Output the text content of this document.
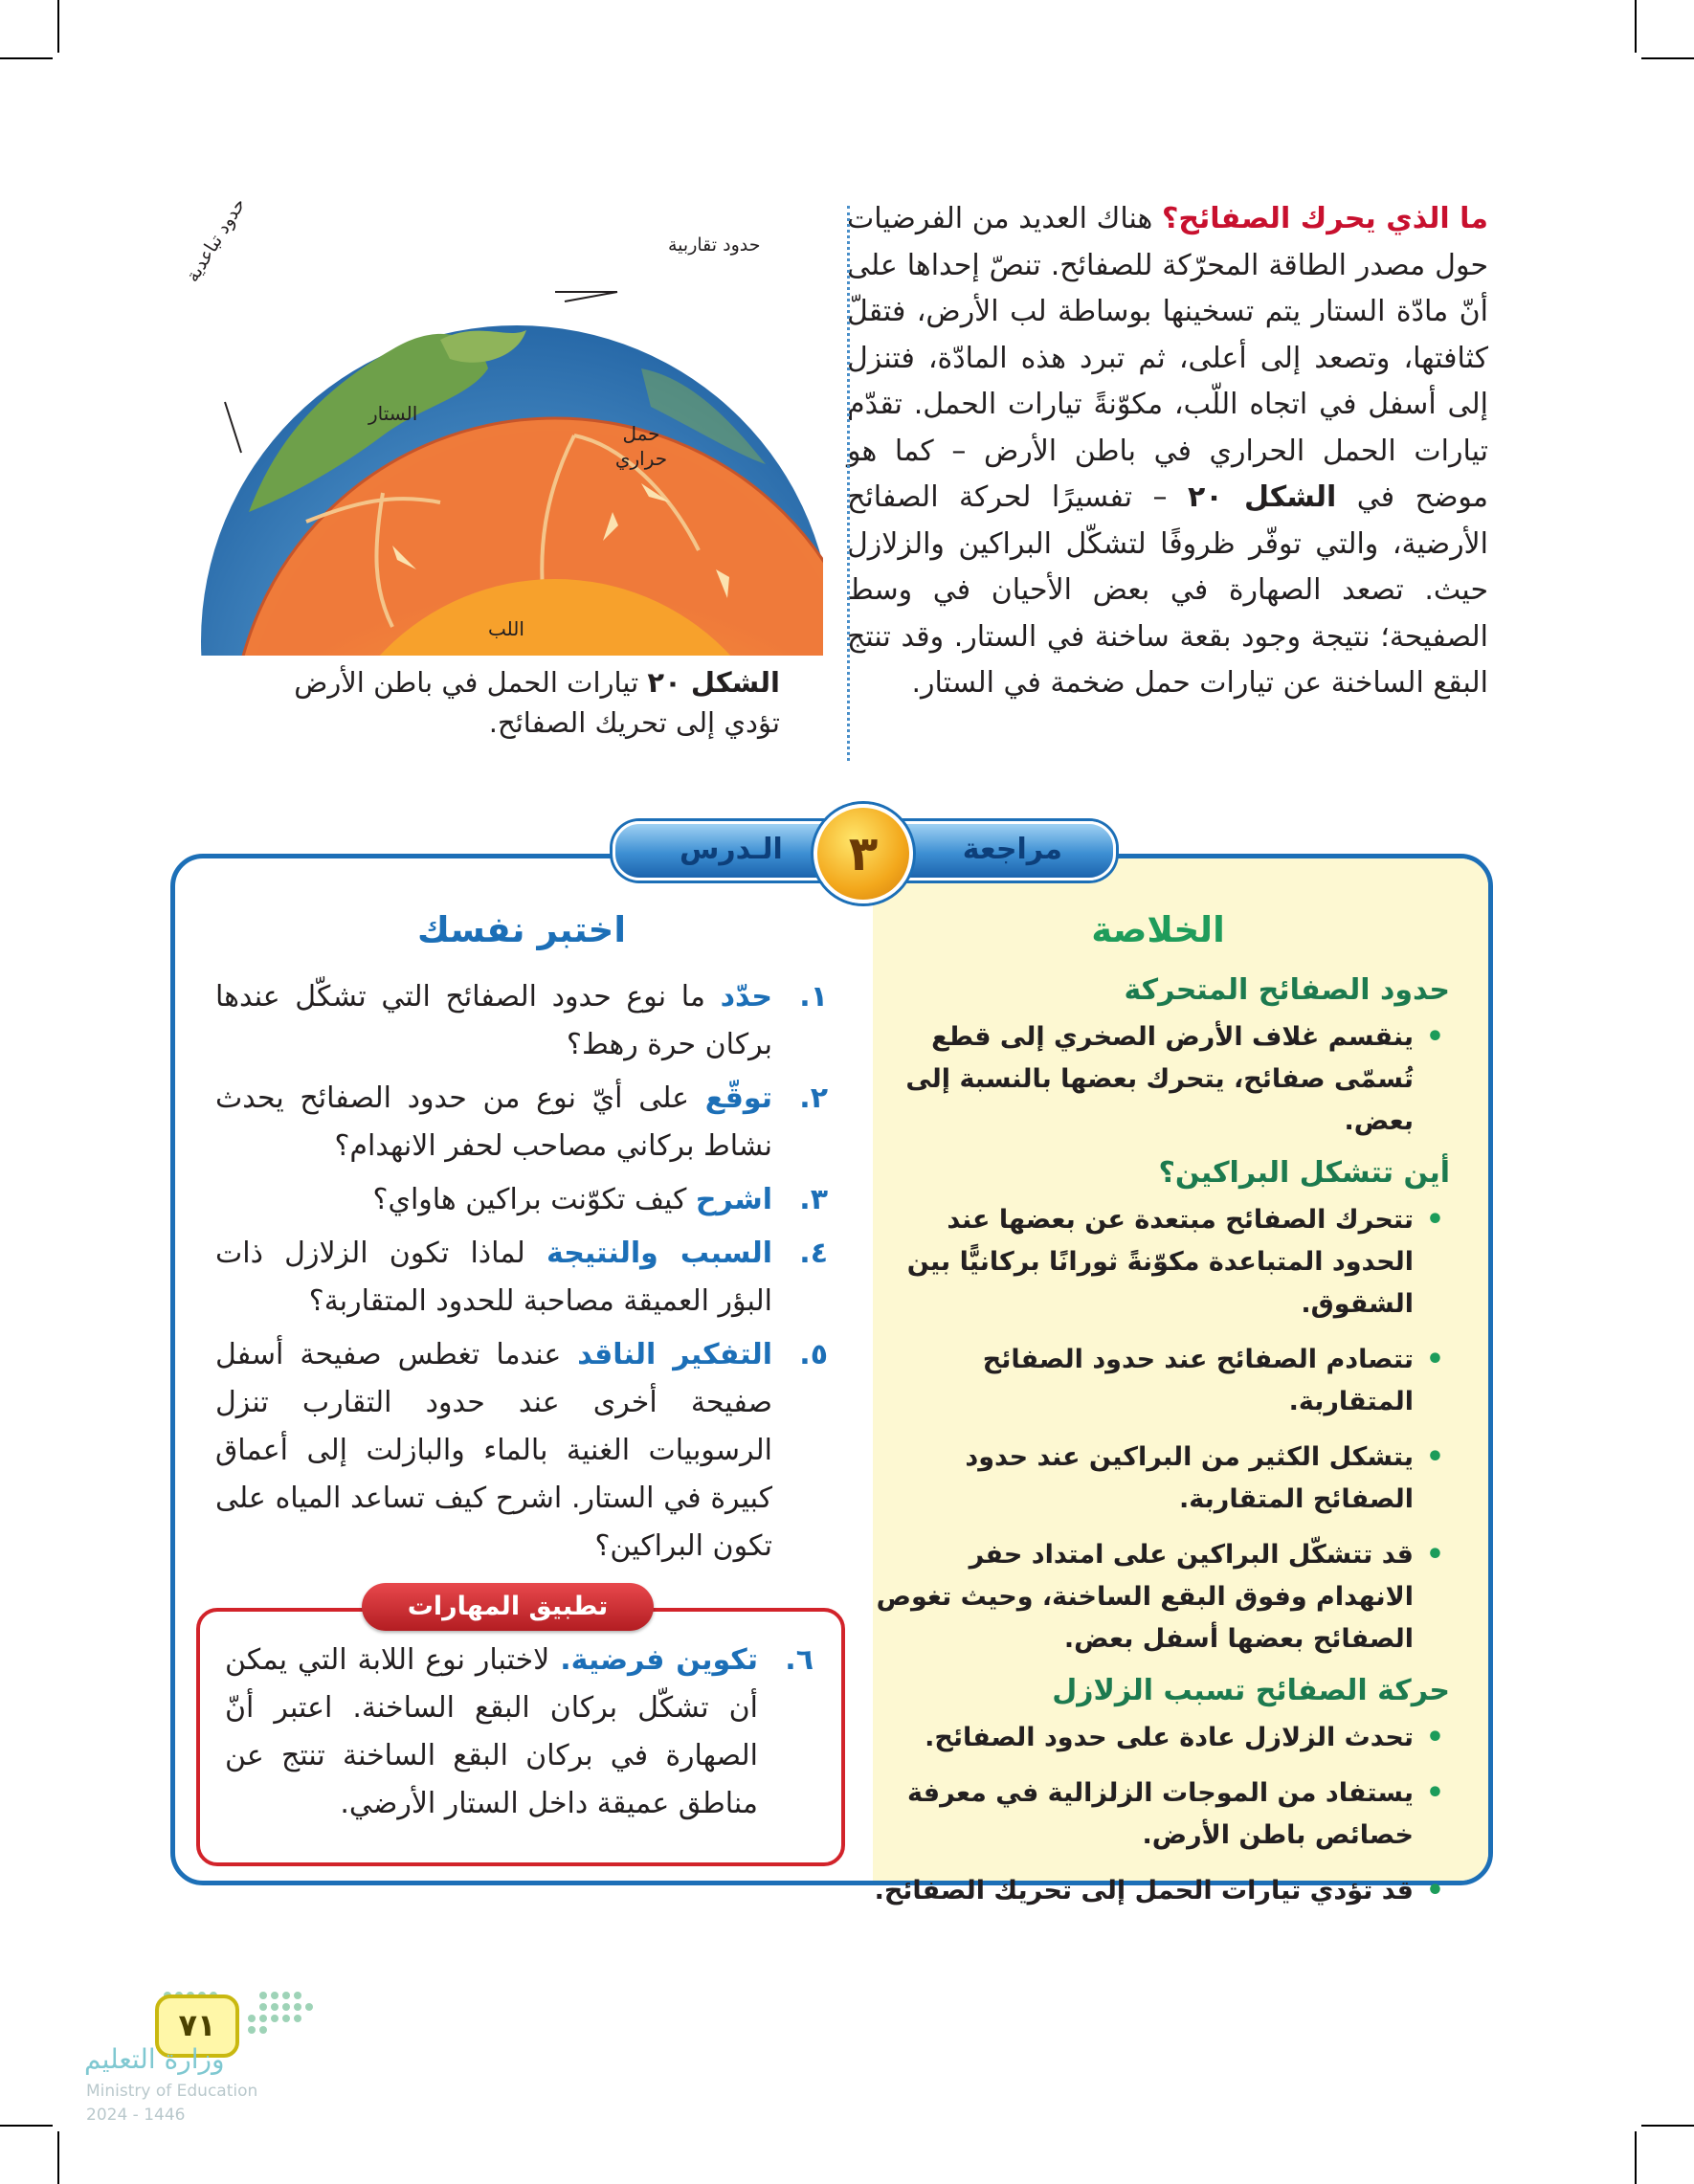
ما الذي يحرك الصفائح؟ هناك العديد من الفرضيات حول مصدر الطاقة المحرّكة للصفائح. تنصّ إحداها على أنّ مادّة الستار يتم تسخينها بوساطة لب الأرض، فتقلّ كثافتها، وتصعد إلى أعلى، ثم تبرد هذه المادّة، فتنزل إلى أسفل في اتجاه اللّب، مكوّنةً تيارات الحمل. تقدّم تيارات الحمل الحراري في باطن الأرض – كما هو موضح في الشكل ٢٠ – تفسيرًا لحركة الصفائح الأرضية، والتي توفّر ظروفًا لتشكّل البراكين والزلازل حيث. تصعد الصهارة في بعض الأحيان في وسط الصفيحة؛ نتيجة وجود بقعة ساخنة في الستار. وقد تنتج البقع الساخنة عن تيارات حمل ضخمة في الستار.
حدود تقاربية
حدود تباعدية
الستار
حمل حراري
اللب
الشكل ٢٠ تيارات الحمل في باطن الأرض تؤدي إلى تحريك الصفائح.
الـدرس	مراجعة
٣
الخلاصة
حدود الصفائح المتحركة
• ينقسم غلاف الأرض الصخري إلى قطع تُسمّى صفائح، يتحرك بعضها بالنسبة إلى بعض.
أين تتشكل البراكين؟
• تتحرك الصفائح مبتعدة عن بعضها عند الحدود المتباعدة مكوّنةً ثورانًا بركانيًّا بين الشقوق.
• تتصادم الصفائح عند حدود الصفائح المتقاربة.
• يتشكل الكثير من البراكين عند حدود الصفائح المتقاربة.
• قد تتشكّل البراكين على امتداد حفر الانهدام وفوق البقع الساخنة، وحيث تغوص الصفائح بعضها أسفل بعض.
حركة الصفائح تسبب الزلازل
• تحدث الزلازل عادة على حدود الصفائح.
• يستفاد من الموجات الزلزالية في معرفة خصائص باطن الأرض.
• قد تؤدي تيارات الحمل إلى تحريك الصفائح.
اختبر نفسك
١.
حدّد ما نوع حدود الصفائح التي تشكّل عندها بركان حرة رهط؟
٢.
توقّع على أيّ نوع من حدود الصفائح يحدث نشاط بركاني مصاحب لحفر الانهدام؟
٣.
اشرح كيف تكوّنت براكين هاواي؟
٤.
السبب والنتيجة لماذا تكون الزلازل ذات البؤر العميقة مصاحبة للحدود المتقاربة؟
٥.
التفكير الناقد عندما تغطس صفيحة أسفل صفيحة أخرى عند حدود التقارب تنزل الرسوبيات الغنية بالماء والبازلت إلى أعماق كبيرة في الستار. اشرح كيف تساعد المياه على تكون البراكين؟
تطبيق المهارات
٦.
تكوين فرضية. لاختبار نوع اللابة التي يمكن أن تشكّل بركان البقع الساخنة. اعتبر أنّ الصهارة في بركان البقع الساخنة تنتج عن مناطق عميقة داخل الستار الأرضي.
٧١
وزارة التعليم
Ministry of Education
2024 - 1446
